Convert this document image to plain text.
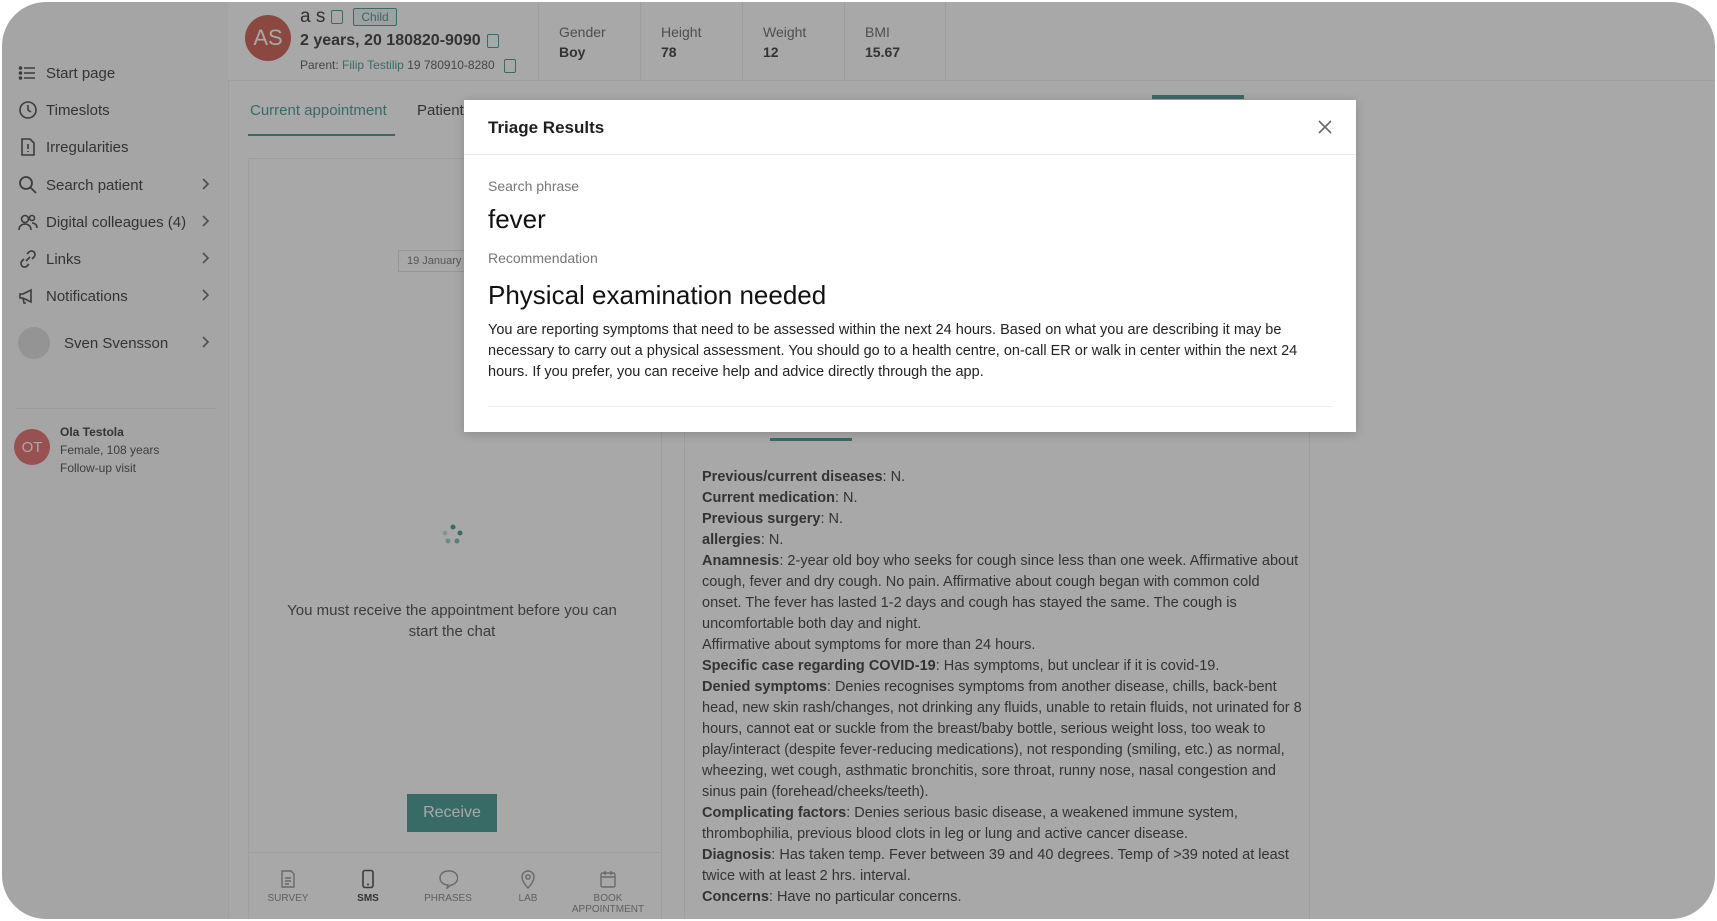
Start page
Timeslots
Irregularities
Search patient
Digital colleagues (4)
Links
Notifications
Sven Svensson
OT
Ola Testola
Female, 108 years
Follow-up visit
AS
a s	Child
2 years, 20 180820-9090
Parent: Filip Testilip 19 780910-8280
Gender
Boy
Height
78
Weight
12
BMI
15.67
Current appointment Patient
19 January
You must receive the appointment before you can start the chat
Receive
SURVEY	SMS	PHRASES	LAB	BOOK APPOINTMENT
Previous/current diseases: N.
Current medication: N.
Previous surgery: N.
allergies: N.
Anamnesis: 2-year old boy who seeks for cough since less than one week. Affirmative about cough, fever and dry cough. No pain. Affirmative about cough began with common cold onset. The fever has lasted 1-2 days and cough has stayed the same. The cough is uncomfortable both day and night.
Affirmative about symptoms for more than 24 hours.
Specific case regarding COVID-19: Has symptoms, but unclear if it is covid-19.
Denied symptoms: Denies recognises symptoms from another disease, chills, back-bent head, new skin rash/changes, not drinking any fluids, unable to retain fluids, not urinated for 8 hours, cannot eat or suckle from the breast/baby bottle, serious weight loss, too weak to play/interact (despite fever-reducing medications), not responding (smiling, etc.) as normal, wheezing, wet cough, asthmatic bronchitis, sore throat, runny nose, nasal congestion and sinus pain (forehead/cheeks/teeth).
Complicating factors: Denies serious basic disease, a weakened immune system, thrombophilia, previous blood clots in leg or lung and active cancer disease.
Diagnosis: Has taken temp. Fever between 39 and 40 degrees. Temp of >39 noted at least twice with at least 2 hrs. interval.
Concerns: Have no particular concerns.
Triage Results
Search phrase
fever
Recommendation
Physical examination needed
You are reporting symptoms that need to be assessed within the next 24 hours. Based on what you are describing it may be necessary to carry out a physical assessment. You should go to a health centre, on-call ER or walk in center within the next 24 hours. If you prefer, you can receive help and advice directly through the app.
